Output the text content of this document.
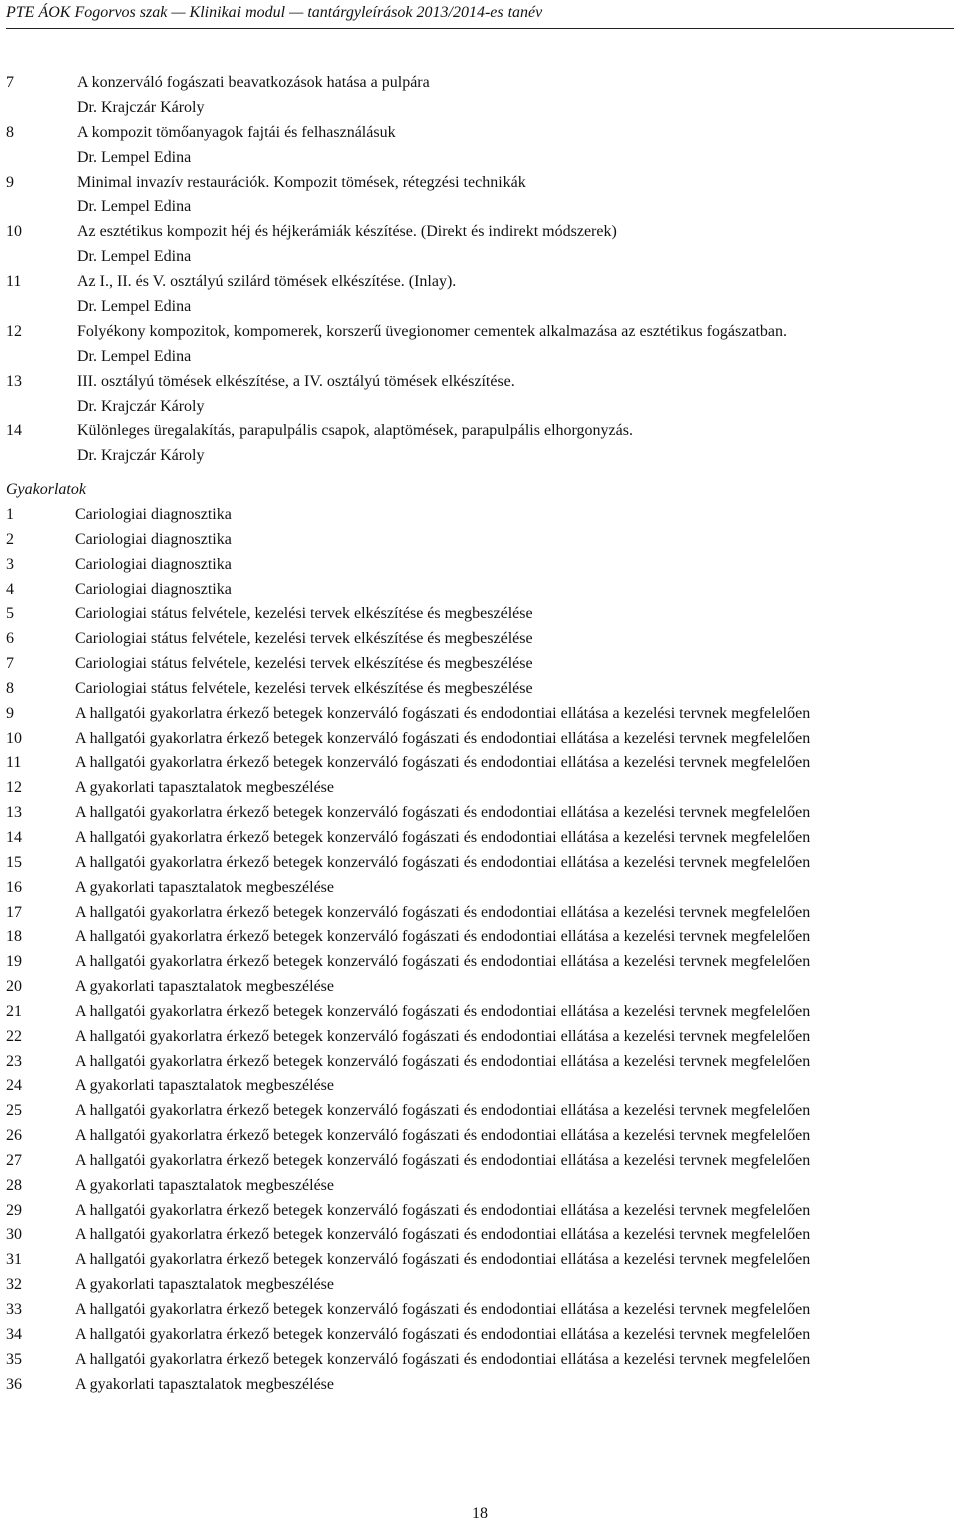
PTE ÁOK Fogorvos szak — Klinikai modul — tantárgyleírások 2013/2014-es tanév
7	A konzerváló fogászati beavatkozások hatása a pulpára
Dr. Krajczár Károly
8	A kompozit tömőanyagok fajtái és felhasználásuk
Dr. Lempel Edina
9	Minimal invazív restaurációk. Kompozit tömések, rétegzési technikák
Dr. Lempel Edina
10	Az esztétikus kompozit héj és héjkerámiák készítése. (Direkt és indirekt módszerek)
Dr. Lempel Edina
11	Az I., II. és V. osztályú szilárd tömések elkészítése. (Inlay).
Dr. Lempel Edina
12	Folyékony kompozitok, kompomerek, korszerű üvegionomer cementek alkalmazása az esztétikus fogászatban.
Dr. Lempel Edina
13	III. osztályú tömések elkészítése, a IV. osztályú tömések elkészítése.
Dr. Krajczár Károly
14	Különleges üregalakítás, parapulpális csapok, alaptömések, parapulpális elhorgonyzás.
Dr. Krajczár Károly
Gyakorlatok
1	Cariologiai diagnosztika
2	Cariologiai diagnosztika
3	Cariologiai diagnosztika
4	Cariologiai diagnosztika
5	Cariologiai státus felvétele, kezelési tervek elkészítése és megbeszélése
6	Cariologiai státus felvétele, kezelési tervek elkészítése és megbeszélése
7	Cariologiai státus felvétele, kezelési tervek elkészítése és megbeszélése
8	Cariologiai státus felvétele, kezelési tervek elkészítése és megbeszélése
9	A hallgatói gyakorlatra érkező betegek konzerváló fogászati és endodontiai ellátása a kezelési tervnek megfelelően
10	A hallgatói gyakorlatra érkező betegek konzerváló fogászati és endodontiai ellátása a kezelési tervnek megfelelően
11	A hallgatói gyakorlatra érkező betegek konzerváló fogászati és endodontiai ellátása a kezelési tervnek megfelelően
12	A gyakorlati tapasztalatok megbeszélése
13	A hallgatói gyakorlatra érkező betegek konzerváló fogászati és endodontiai ellátása a kezelési tervnek megfelelően
14	A hallgatói gyakorlatra érkező betegek konzerváló fogászati és endodontiai ellátása a kezelési tervnek megfelelően
15	A hallgatói gyakorlatra érkező betegek konzerváló fogászati és endodontiai ellátása a kezelési tervnek megfelelően
16	A gyakorlati tapasztalatok megbeszélése
17	A hallgatói gyakorlatra érkező betegek konzerváló fogászati és endodontiai ellátása a kezelési tervnek megfelelően
18	A hallgatói gyakorlatra érkező betegek konzerváló fogászati és endodontiai ellátása a kezelési tervnek megfelelően
19	A hallgatói gyakorlatra érkező betegek konzerváló fogászati és endodontiai ellátása a kezelési tervnek megfelelően
20	A gyakorlati tapasztalatok megbeszélése
21	A hallgatói gyakorlatra érkező betegek konzerváló fogászati és endodontiai ellátása a kezelési tervnek megfelelően
22	A hallgatói gyakorlatra érkező betegek konzerváló fogászati és endodontiai ellátása a kezelési tervnek megfelelően
23	A hallgatói gyakorlatra érkező betegek konzerváló fogászati és endodontiai ellátása a kezelési tervnek megfelelően
24	A gyakorlati tapasztalatok megbeszélése
25	A hallgatói gyakorlatra érkező betegek konzerváló fogászati és endodontiai ellátása a kezelési tervnek megfelelően
26	A hallgatói gyakorlatra érkező betegek konzerváló fogászati és endodontiai ellátása a kezelési tervnek megfelelően
27	A hallgatói gyakorlatra érkező betegek konzerváló fogászati és endodontiai ellátása a kezelési tervnek megfelelően
28	A gyakorlati tapasztalatok megbeszélése
29	A hallgatói gyakorlatra érkező betegek konzerváló fogászati és endodontiai ellátása a kezelési tervnek megfelelően
30	A hallgatói gyakorlatra érkező betegek konzerváló fogászati és endodontiai ellátása a kezelési tervnek megfelelően
31	A hallgatói gyakorlatra érkező betegek konzerváló fogászati és endodontiai ellátása a kezelési tervnek megfelelően
32	A gyakorlati tapasztalatok megbeszélése
33	A hallgatói gyakorlatra érkező betegek konzerváló fogászati és endodontiai ellátása a kezelési tervnek megfelelően
34	A hallgatói gyakorlatra érkező betegek konzerváló fogászati és endodontiai ellátása a kezelési tervnek megfelelően
35	A hallgatói gyakorlatra érkező betegek konzerváló fogászati és endodontiai ellátása a kezelési tervnek megfelelően
36	A gyakorlati tapasztalatok megbeszélése
18
